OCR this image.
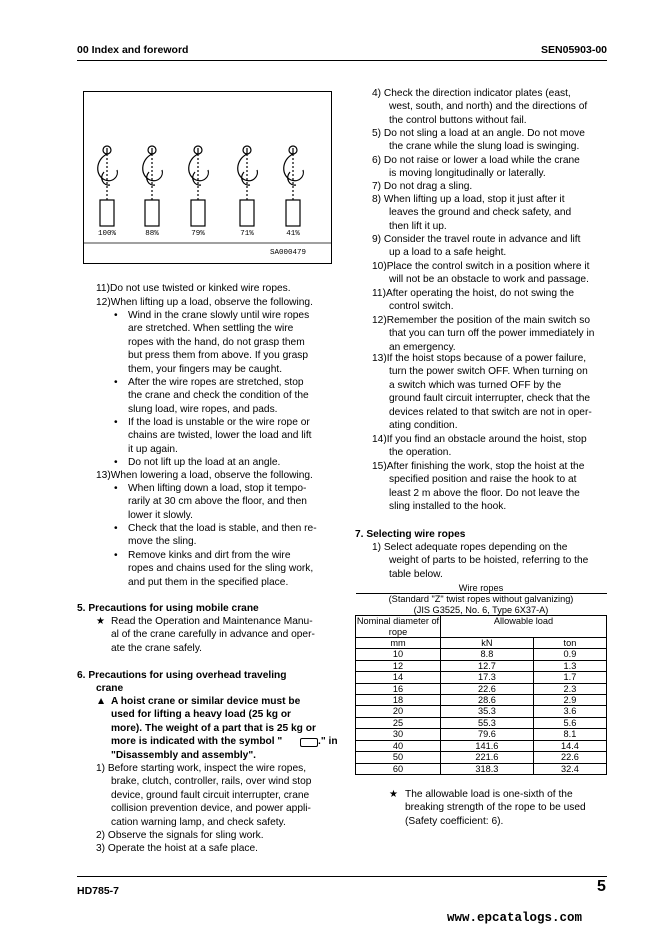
00 Index and foreword	SEN05903-00
SA000479
100%	88%	79%	71%	41%
11)Do not use twisted or kinked wire ropes.
12)When lifting up a load, observe the following.
Wind in the crane slowly until wire ropes
are stretched. When settling the wire
ropes with the hand, do not grasp them
but press them from above. If you grasp
them, your fingers may be caught.
•
After the wire ropes are stretched, stop
the crane and check the condition of the
slung load, wire ropes, and pads.
•
If the load is unstable or the wire rope or
chains are twisted, lower the load and lift
it up again.
•
Do not lift up the load at an angle.
•
13)When lowering a load, observe the following.
When lifting down a load, stop it tempo-
rarily at 30 cm above the floor, and then
lower it slowly.
•
Check that the load is stable, and then re-
move the sling.
•
Remove kinks and dirt from the wire
ropes and chains used for the sling work,
and put them in the specified place.
•
5. Precautions for using mobile crane
★ Read the Operation and Maintenance Manu-
al of the crane carefully in advance and oper-
ate the crane safely.
6. Precautions for using overhead traveling
crane
▲ A hoist crane or similar device must be
used for lifting a heavy load (25 kg or
more). The weight of a part that is 25 kg or
more is indicated with the symbol "	." in
"Disassembly and assembly".
1) Before starting work, inspect the wire ropes,
brake, clutch, controller, rails, over wind stop
device, ground fault circuit interrupter, crane
collision prevention device, and power appli-
cation warning lamp, and check safety.
2) Observe the signals for sling work.
3) Operate the hoist at a safe place.
4) Check the direction indicator plates (east,
west, south, and north) and the directions of
the control buttons without fail.
5) Do not sling a load at an angle. Do not move
the crane while the slung load is swinging.
6) Do not raise or lower a load while the crane
is moving longitudinally or laterally.
7) Do not drag a sling.
8) When lifting up a load, stop it just after it
leaves the ground and check safety, and
then lift it up.
9) Consider the travel route in advance and lift
up a load to a safe height.
10)Place the control switch in a position where it
will not be an obstacle to work and passage.
11)After operating the hoist, do not swing the
control switch.
12)Remember the position of the main switch so
that you can turn off the power immediately in
an emergency.
13)If the hoist stops because of a power failure,
turn the power switch OFF. When turning on
a switch which was turned OFF by the
ground fault circuit interrupter, check that the
devices related to that switch are not in oper-
ating condition.
14)If you find an obstacle around the hoist, stop
the operation.
15)After finishing the work, stop the hoist at the
specified position and raise the hook to at
least 2 m above the floor. Do not leave the
sling installed to the hook.
7. Selecting wire ropes
1) Select adequate ropes depending on the
weight of parts to be hoisted, referring to the
table below.
★ The allowable load is one-sixth of the
breaking strength of the rope to be used
(Safety coefficient: 6).
Wire ropes		
(Standard "Z" twist ropes without galvanizing)		
(JIS G3525, No. 6, Type 6X37-A)		
Nominal diameter of rope	Allowable load	
mm	kN	ton
10	8.8	0.9
12	12.7	1.3
14	17.3	1.7
16	22.6	2.3
18	28.6	2.9
20	35.3	3.6
25	55.3	5.6
30	79.6	8.1
40	141.6	14.4
50	221.6	22.6
60	318.3	32.4
HD785-7	5
www.epcatalogs.com
